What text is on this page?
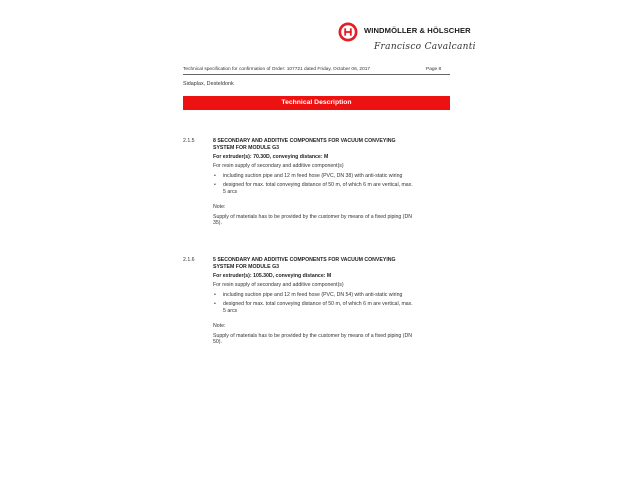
WINDMÖLLER & HÖLSCHER
Francisco Cavalcanti
Technical specification for confirmation of Order: 107721 dated Friday, October 06, 2017	Page 8
Sidaplax, Desteldonk
Technical Description
2.1.5	8 SECONDARY AND ADDITIVE COMPONENTS FOR VACUUM CONVEYING SYSTEM FOR MODULE G3
For extruder(s): 70.30D, conveying distance: M
For resin supply of secondary and additive component(s)
• including suction pipe and 12 m feed hose (PVC, DN 38) with anti-static wiring
• designed for max. total conveying distance of 50 m, of which 6 m are vertical, max. 5 arcs
Note:
Supply of materials has to be provided by the customer by means of a fixed piping (DN 35).
2.1.6	5 SECONDARY AND ADDITIVE COMPONENTS FOR VACUUM CONVEYING SYSTEM FOR MODULE G3
For extruder(s): 105.30D, conveying distance: M
For resin supply of secondary and additive component(s)
• including suction pipe and 12 m feed hose (PVC, DN 54) with anti-static wiring
• designed for max. total conveying distance of 50 m, of which 6 m are vertical, max. 5 arcs
Note:
Supply of materials has to be provided by the customer by means of a fixed piping (DN 50).
